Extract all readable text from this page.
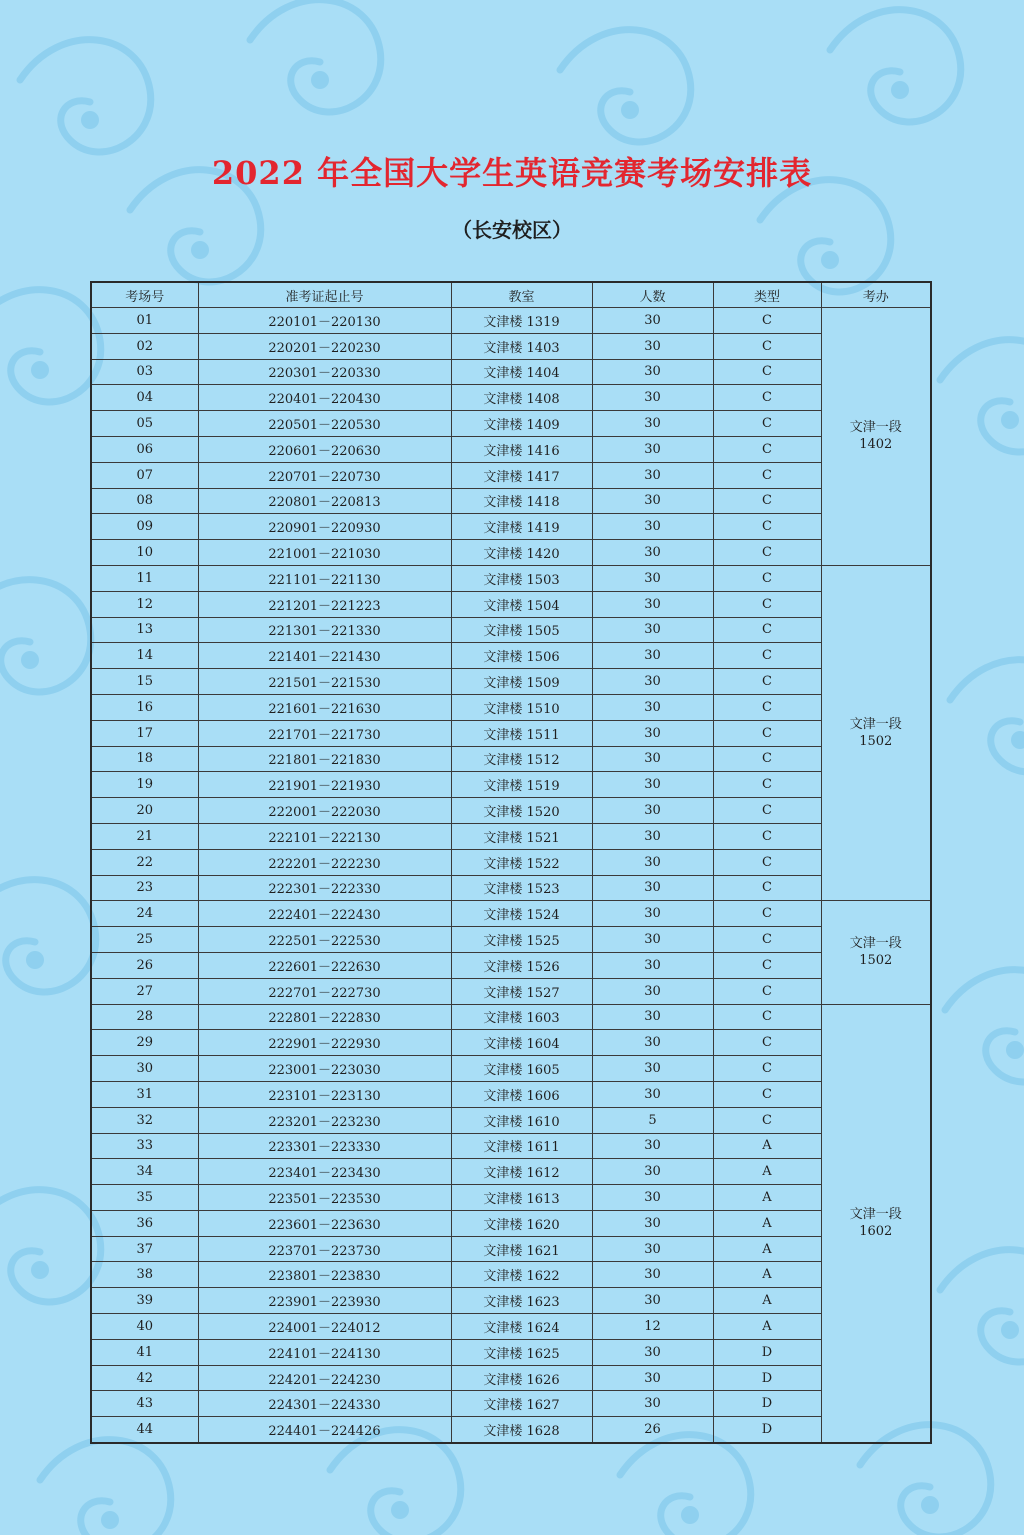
2022 年全国大学生英语竞赛考场安排表
（长安校区）
考场号	准考证起止号	教室	人数	类型	考办
01	220101－220130	文津楼 1319	30	C	文津一段
1402

02	220201－220230	文津楼 1403	30	C	
03	220301－220330	文津楼 1404	30	C	
04	220401－220430	文津楼 1408	30	C	
05	220501－220530	文津楼 1409	30	C	
06	220601－220630	文津楼 1416	30	C	
07	220701－220730	文津楼 1417	30	C	
08	220801－220813	文津楼 1418	30	C	
09	220901－220930	文津楼 1419	30	C	
10	221001－221030	文津楼 1420	30	C	
11	221101－221130	文津楼 1503	30	C	文津一段
1502

12	221201－221223	文津楼 1504	30	C	
13	221301－221330	文津楼 1505	30	C	
14	221401－221430	文津楼 1506	30	C	
15	221501－221530	文津楼 1509	30	C	
16	221601－221630	文津楼 1510	30	C	
17	221701－221730	文津楼 1511	30	C	
18	221801－221830	文津楼 1512	30	C	
19	221901－221930	文津楼 1519	30	C	
20	222001－222030	文津楼 1520	30	C	
21	222101－222130	文津楼 1521	30	C	
22	222201－222230	文津楼 1522	30	C	
23	222301－222330	文津楼 1523	30	C	
24	222401－222430	文津楼 1524	30	C	文津一段
1502

25	222501－222530	文津楼 1525	30	C	
26	222601－222630	文津楼 1526	30	C	
27	222701－222730	文津楼 1527	30	C	
28	222801－222830	文津楼 1603	30	C	文津一段
1602

29	222901－222930	文津楼 1604	30	C	
30	223001－223030	文津楼 1605	30	C	
31	223101－223130	文津楼 1606	30	C	
32	223201－223230	文津楼 1610	5	C	
33	223301－223330	文津楼 1611	30	A	
34	223401－223430	文津楼 1612	30	A	
35	223501－223530	文津楼 1613	30	A	
36	223601－223630	文津楼 1620	30	A	
37	223701－223730	文津楼 1621	30	A	
38	223801－223830	文津楼 1622	30	A	
39	223901－223930	文津楼 1623	30	A	
40	224001－224012	文津楼 1624	12	A	
41	224101－224130	文津楼 1625	30	D	
42	224201－224230	文津楼 1626	30	D	
43	224301－224330	文津楼 1627	30	D	
44	224401－224426	文津楼 1628	26	D	
